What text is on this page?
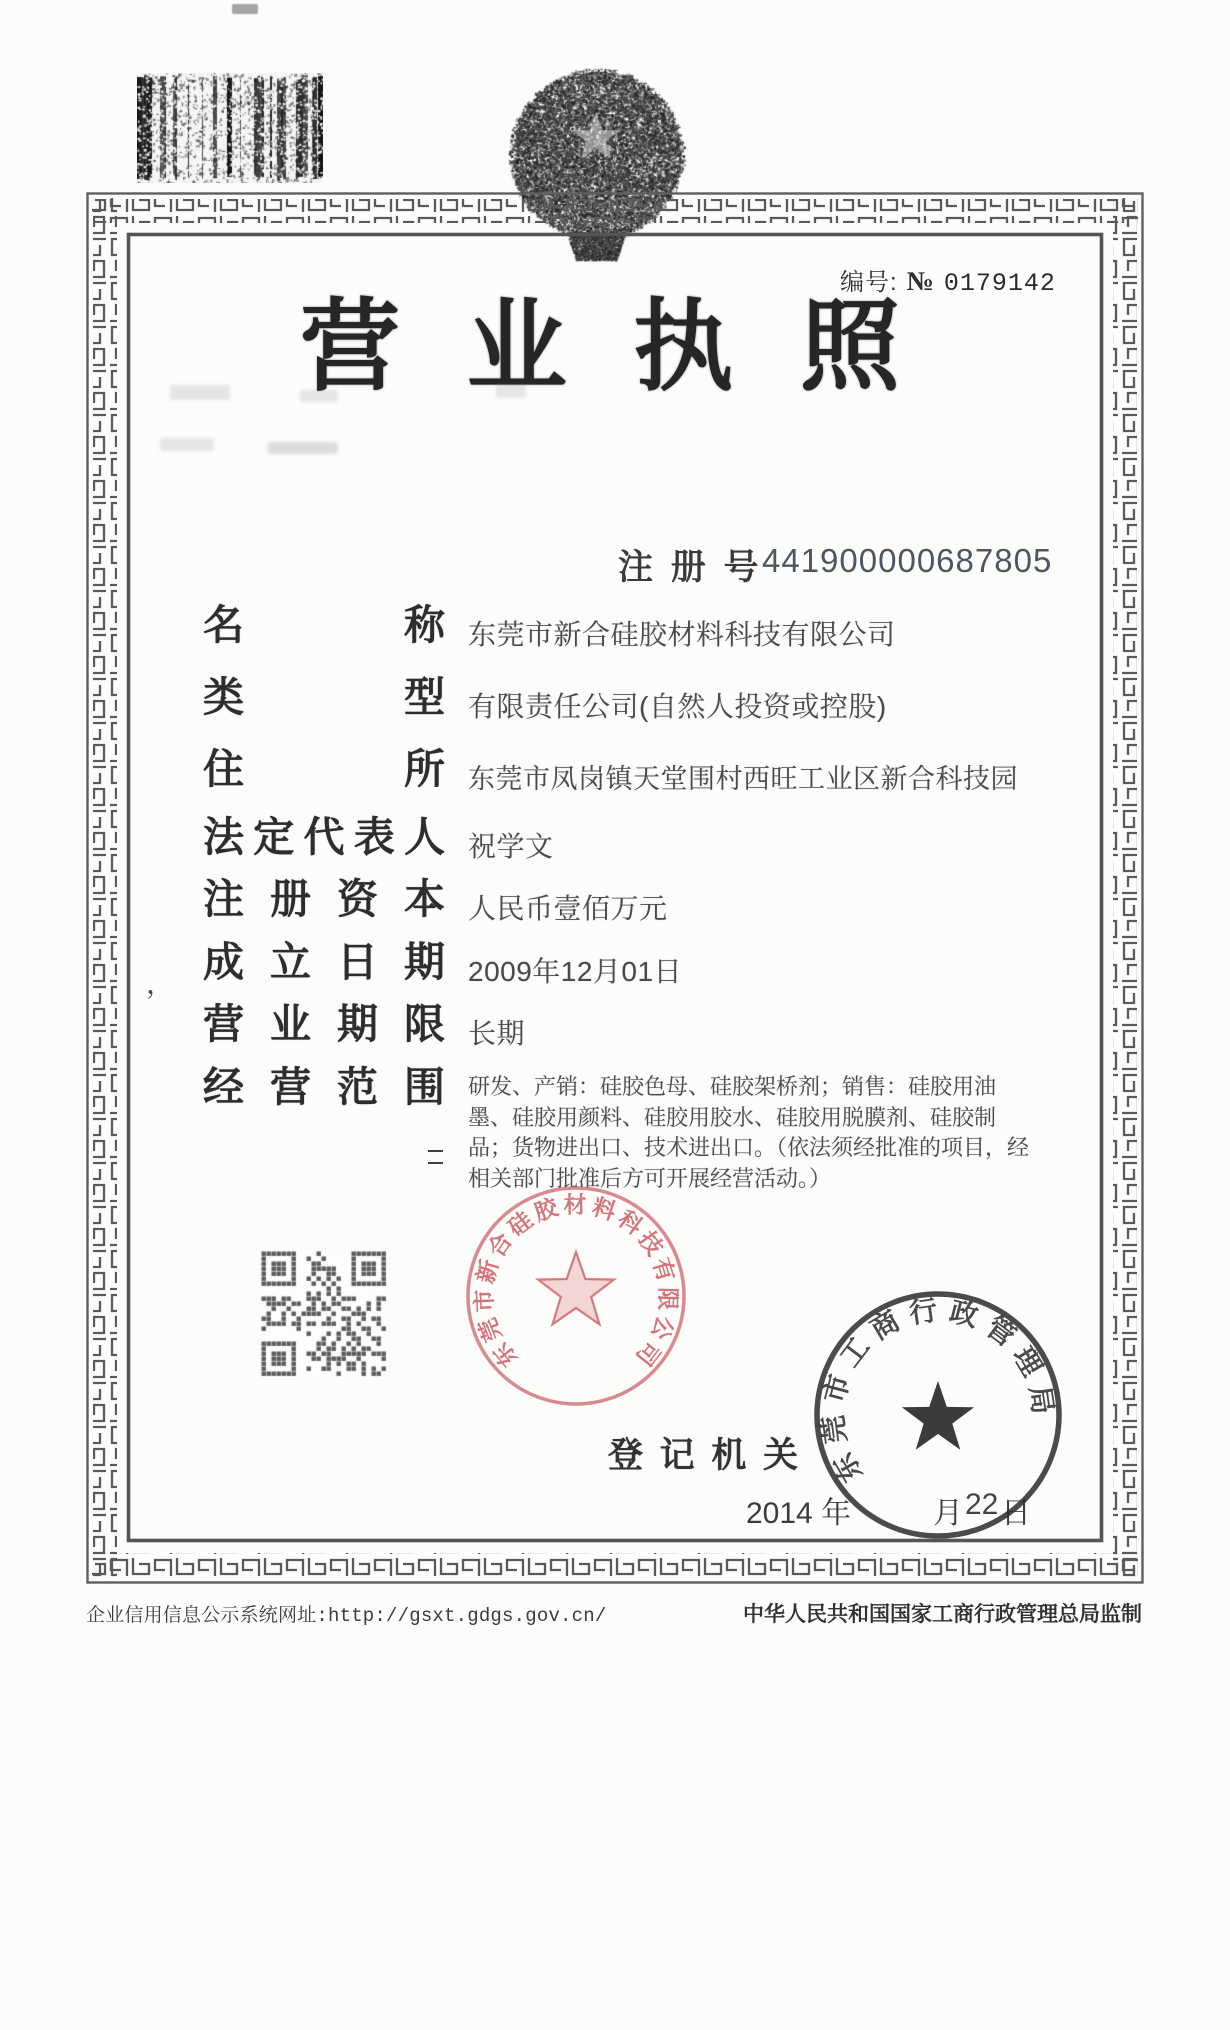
编号: № 0179142
营业执照
注 册 号 441900000687805
名称 东莞市新合硅胶材料科技有限公司
类型 有限责任公司(自然人投资或控股)
住所 东莞市凤岗镇天堂围村西旺工业区新合科技园
法定代表人 祝学文
注册资本 人民币壹佰万元
成立日期 2009年12月01日
营业期限 长期
经营范围 研发、产销：硅胶色母、硅胶架桥剂；销售：硅胶用油墨、硅胶用颜料、硅胶用胶水、硅胶用脱膜剂、硅胶制品；货物进出口、技术进出口。（依法须经批准的项目，经相关部门批准后方可开展经营活动。）
东莞市新合硅胶材料科技有限公司
登记机关
2014 年	月 22 日
东莞市工商行政管理局
企业信用信息公示系统网址:http://gsxt.gdgs.gov.cn/	中华人民共和国国家工商行政管理总局监制
，
